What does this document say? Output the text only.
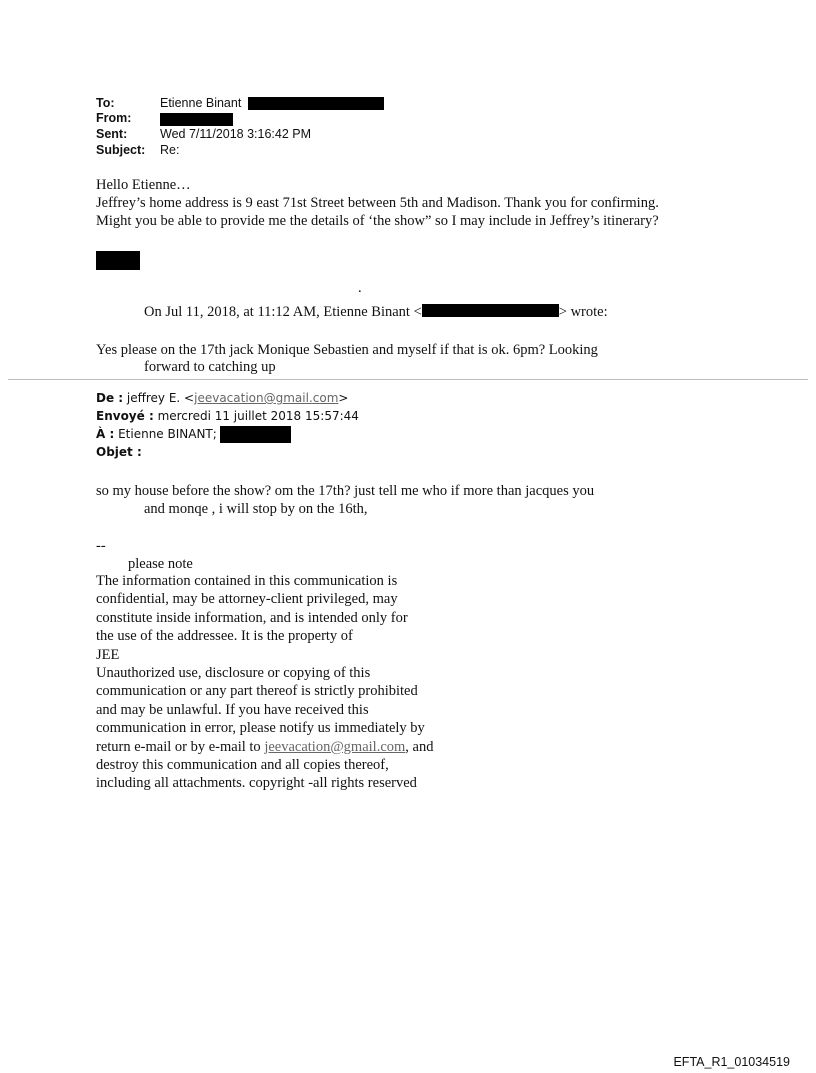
To:	Etienne Binant
From:
Sent:	Wed 7/11/2018 3:16:42 PM
Subject: Re:
Hello Etienne…
Jeffrey’s home address is 9 east 71st Street between 5th and Madison. Thank you for confirming.
Might you be able to provide me the details of ‘the show” so I may include in Jeffrey’s itinerary?
.
On Jul 11, 2018, at 11:12 AM, Etienne Binant <	> wrote:
Yes please on the 17th jack Monique Sebastien and myself if that is ok. 6pm? Looking
forward to catching up
De : jeffrey E. <jeevacation@gmail.com>
Envoyé : mercredi 11 juillet 2018 15:57:44
À : Etienne BINANT;
Objet :
so my house before the show? om the 17th? just tell me who if more than jacques you
and monqe , i will stop by on the 16th,
--
please note
The information contained in this communication is
confidential, may be attorney-client privileged, may
constitute inside information, and is intended only for
the use of the addressee. It is the property of
JEE
Unauthorized use, disclosure or copying of this
communication or any part thereof is strictly prohibited
and may be unlawful. If you have received this
communication in error, please notify us immediately by
return e-mail or by e-mail to jeevacation@gmail.com, and
destroy this communication and all copies thereof,
including all attachments. copyright -all rights reserved
EFTA_R1_01034519
